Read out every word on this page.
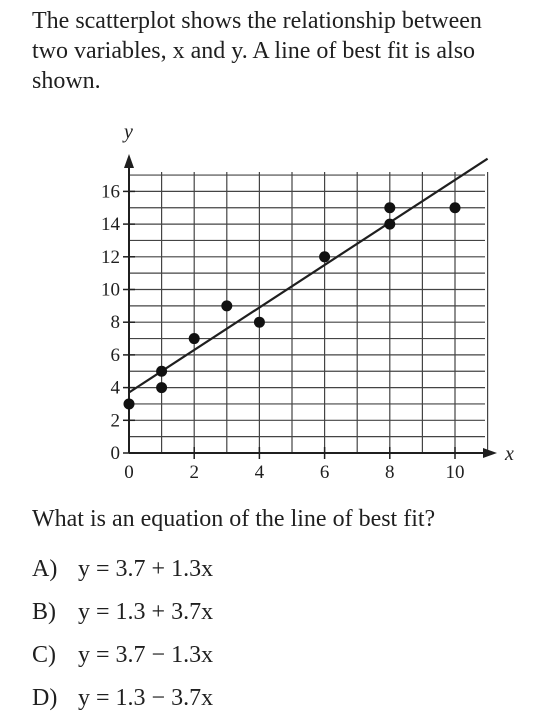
The scatterplot shows the relationship between two variables, x and y. A line of best fit is also shown.

x
y
0	2	4	6	8	10
0
2
4
6
8
10
12
14
16

What is an equation of the line of best fit?

A) y = 3.7 + 1.3x
B) y = 1.3 + 3.7x
C) y = 3.7 − 1.3x
D) y = 1.3 − 3.7x
